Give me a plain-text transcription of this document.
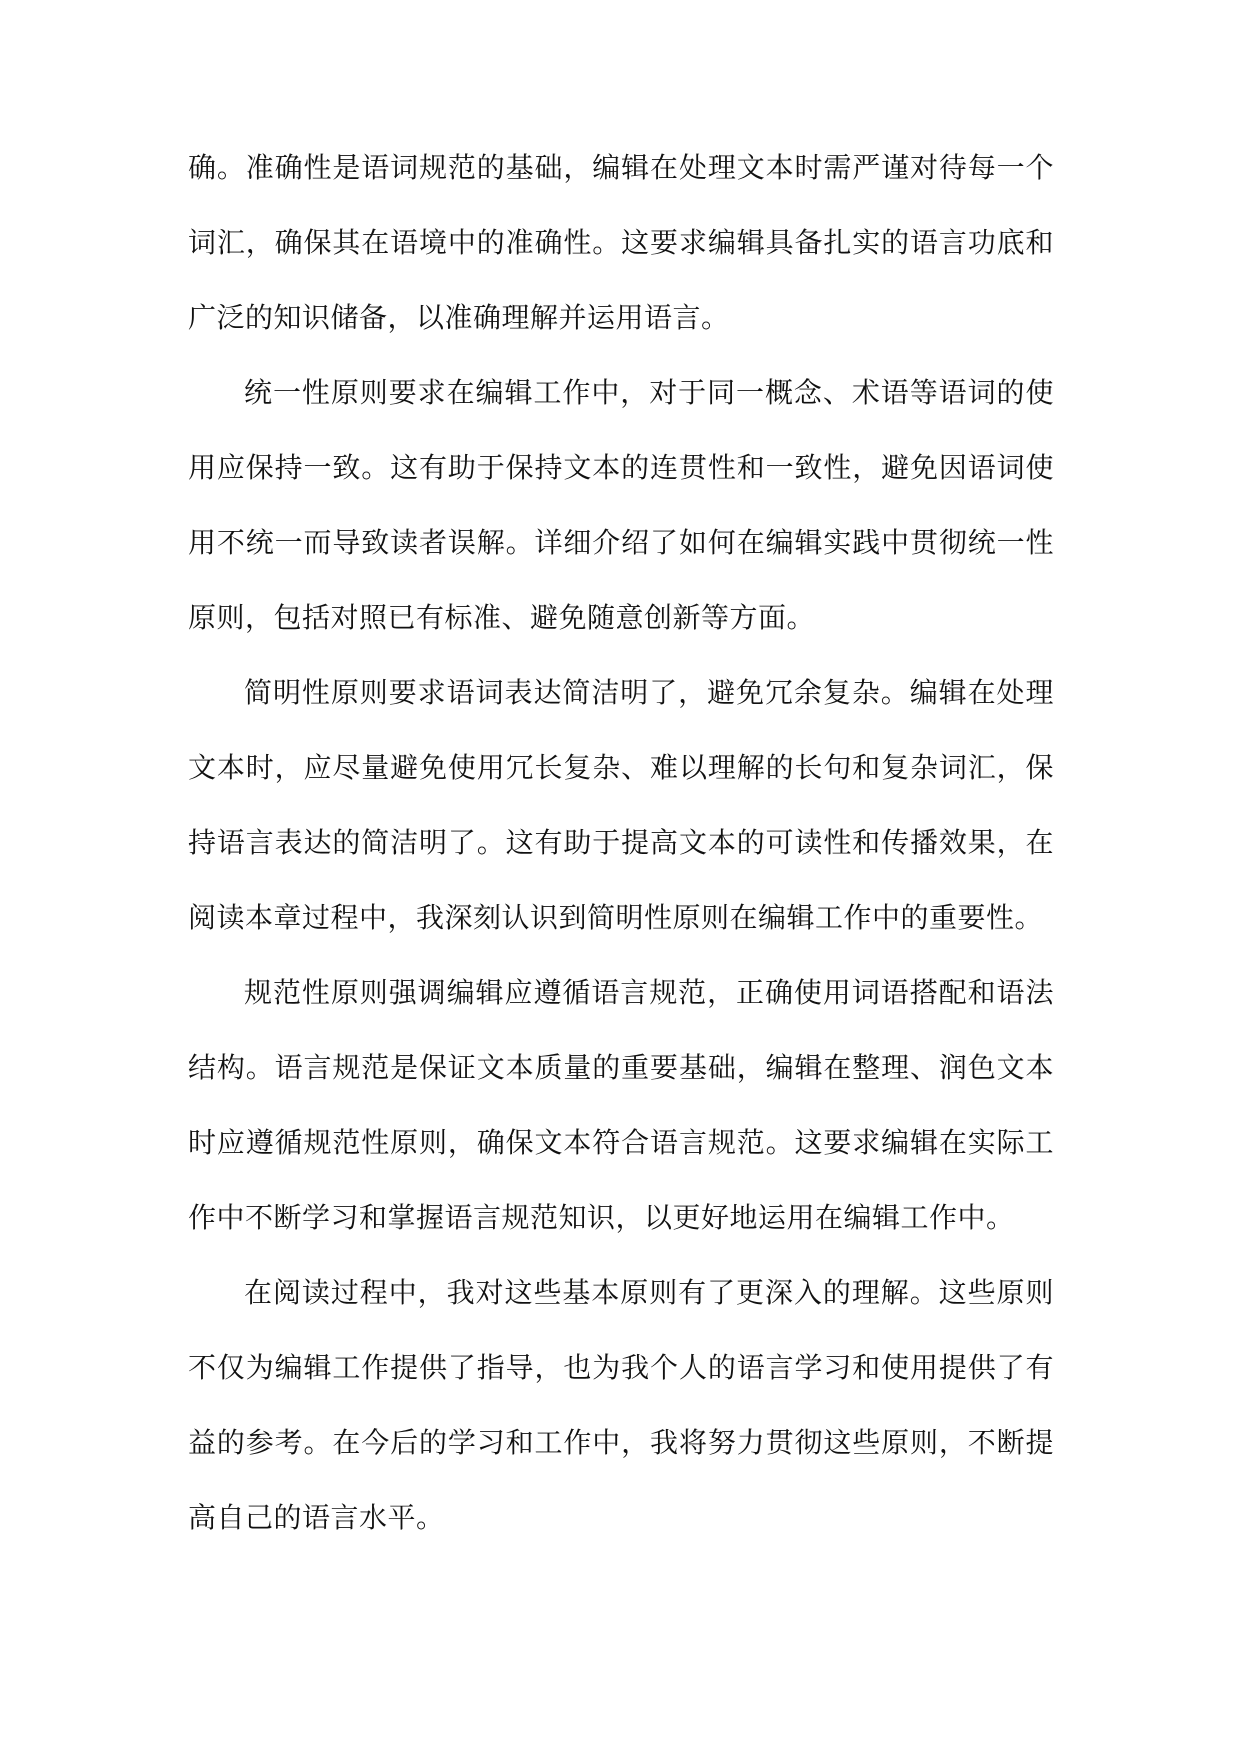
确。准确性是语词规范的基础，编辑在处理文本时需严谨对待每一个词汇，确保其在语境中的准确性。这要求编辑具备扎实的语言功底和广泛的知识储备，以准确理解并运用语言。

统一性原则要求在编辑工作中，对于同一概念、术语等语词的使用应保持一致。这有助于保持文本的连贯性和一致性，避免因语词使用不统一而导致读者误解。详细介绍了如何在编辑实践中贯彻统一性原则，包括对照已有标准、避免随意创新等方面。

简明性原则要求语词表达简洁明了，避免冗余复杂。编辑在处理文本时，应尽量避免使用冗长复杂、难以理解的长句和复杂词汇，保持语言表达的简洁明了。这有助于提高文本的可读性和传播效果，在阅读本章过程中，我深刻认识到简明性原则在编辑工作中的重要性。

规范性原则强调编辑应遵循语言规范，正确使用词语搭配和语法结构。语言规范是保证文本质量的重要基础，编辑在整理、润色文本时应遵循规范性原则，确保文本符合语言规范。这要求编辑在实际工作中不断学习和掌握语言规范知识，以更好地运用在编辑工作中。

在阅读过程中，我对这些基本原则有了更深入的理解。这些原则不仅为编辑工作提供了指导，也为我个人的语言学习和使用提供了有益的参考。在今后的学习和工作中，我将努力贯彻这些原则，不断提高自己的语言水平。
